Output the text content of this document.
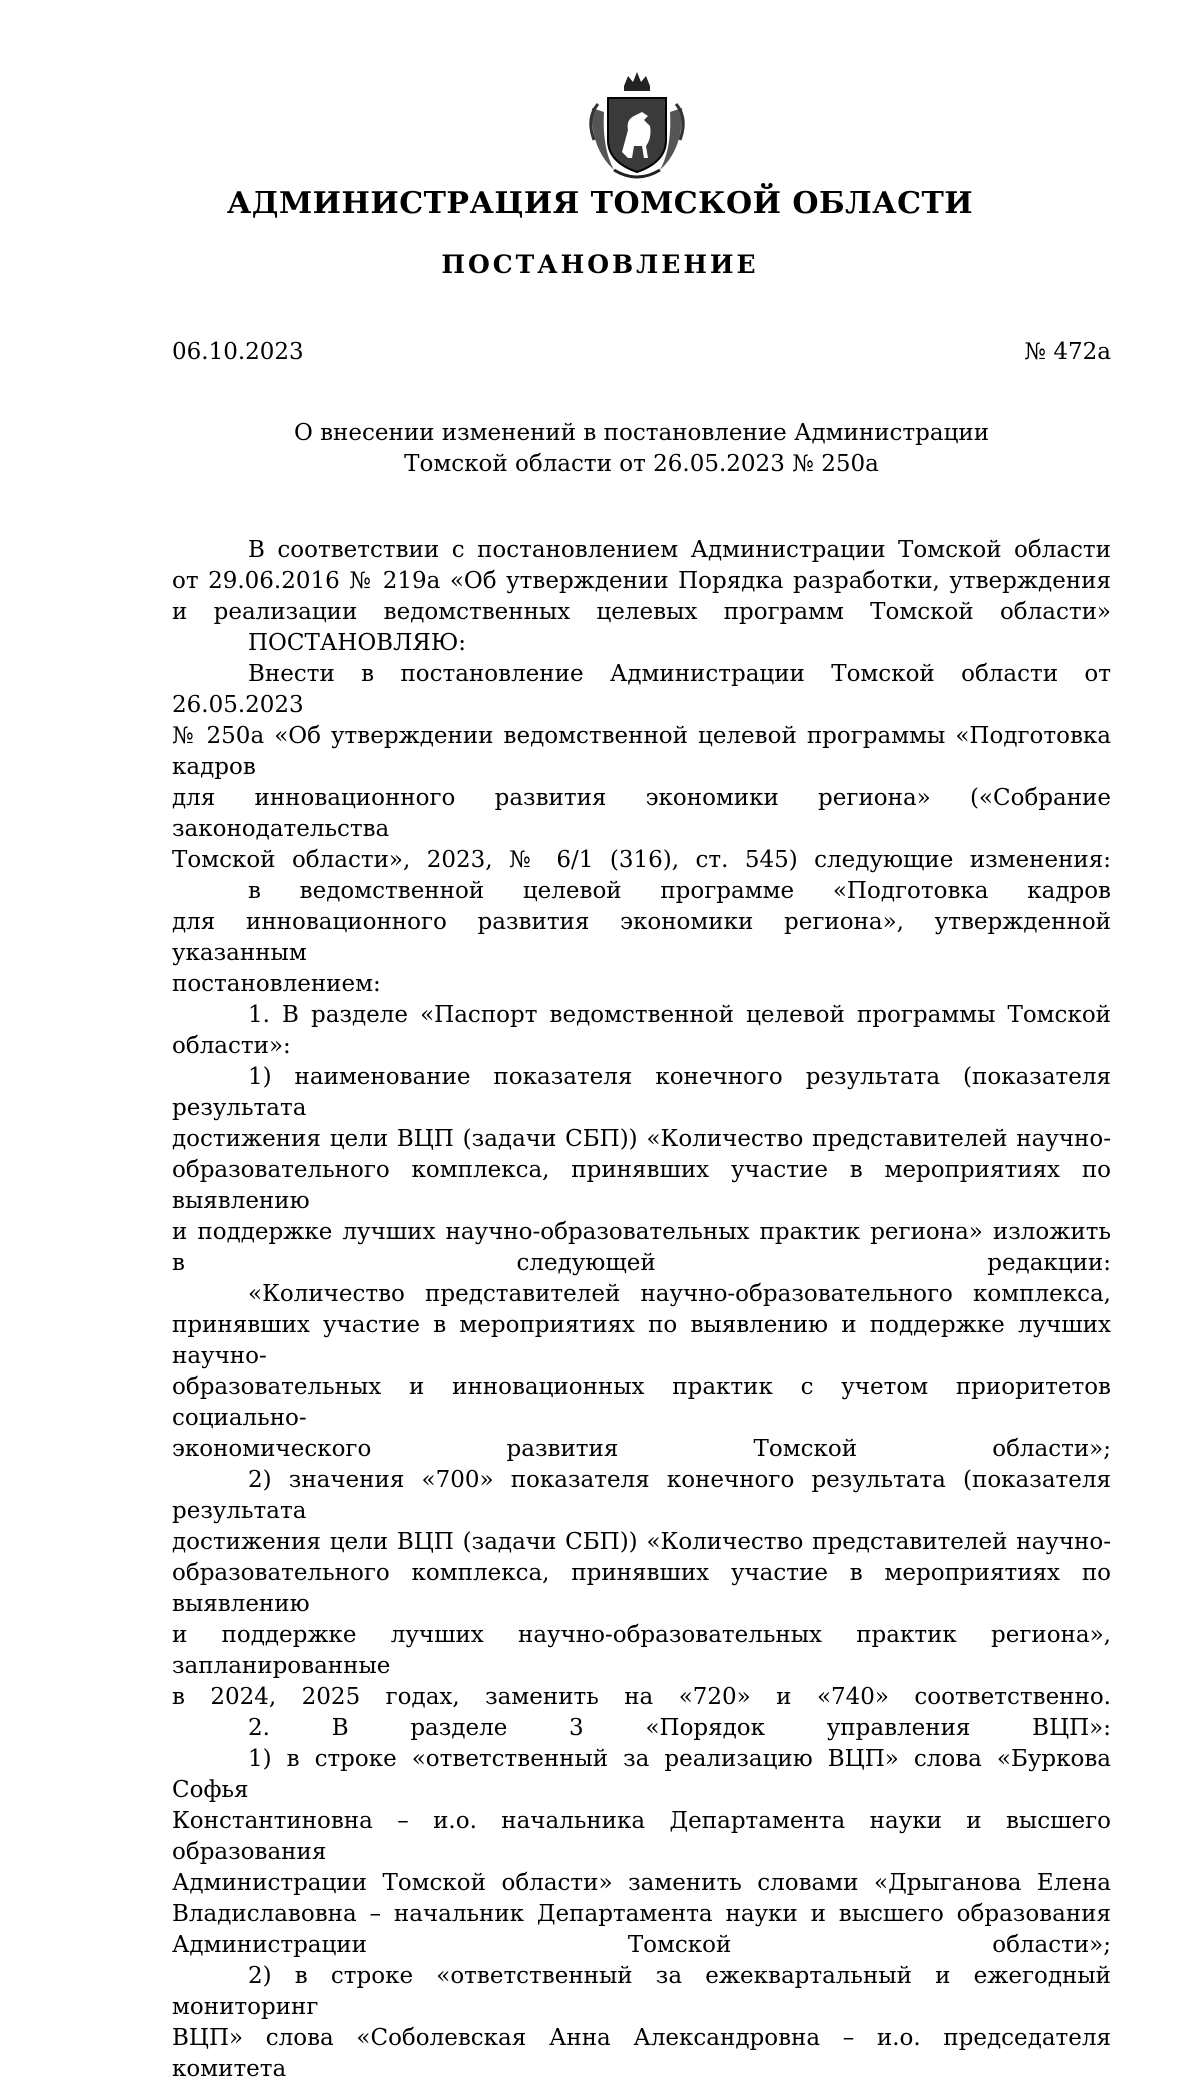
АДМИНИСТРАЦИЯ ТОМСКОЙ ОБЛАСТИ
ПОСТАНОВЛЕНИЕ
06.10.2023	№ 472а
О внесении изменений в постановление Администрации
Томской области от 26.05.2023 № 250а

В соответствии с постановлением Администрации Томской области
от 29.06.2016 № 219а «Об утверждении Порядка разработки, утверждения
и реализации ведомственных целевых программ Томской области»

ПОСТАНОВЛЯЮ:

Внести в постановление Администрации Томской области от 26.05.2023
№ 250а «Об утверждении ведомственной целевой программы «Подготовка кадров
для инновационного развития экономики региона» («Собрание законодательства
Томской области», 2023, № 6/1 (316), ст. 545) следующие изменения:

в ведомственной целевой программе «Подготовка кадров
для инновационного развития экономики региона», утвержденной указанным
постановлением:

1. В разделе «Паспорт ведомственной целевой программы Томской
области»:

1) наименование показателя конечного результата (показателя результата
достижения цели ВЦП (задачи СБП)) «Количество представителей научно-
образовательного комплекса, принявших участие в мероприятиях по выявлению
и поддержке лучших научно-образовательных практик региона» изложить
в следующей редакции:

«Количество представителей научно-образовательного комплекса,
принявших участие в мероприятиях по выявлению и поддержке лучших научно-
образовательных и инновационных практик с учетом приоритетов социально-
экономического развития Томской области»;

2) значения «700» показателя конечного результата (показателя результата
достижения цели ВЦП (задачи СБП)) «Количество представителей научно-
образовательного комплекса, принявших участие в мероприятиях по выявлению
и поддержке лучших научно-образовательных практик региона», запланированные
в 2024, 2025 годах, заменить на «720» и «740» соответственно.

2. В разделе 3 «Порядок управления ВЦП»:

1) в строке «ответственный за реализацию ВЦП» слова «Буркова Софья
Константиновна – и.о. начальника Департамента науки и высшего образования
Администрации Томской области» заменить словами «Дрыганова Елена
Владиславовна – начальник Департамента науки и высшего образования
Администрации Томской области»;

2) в строке «ответственный за ежеквартальный и ежегодный мониторинг
ВЦП» слова «Соболевская Анна Александровна – и.о. председателя комитета
